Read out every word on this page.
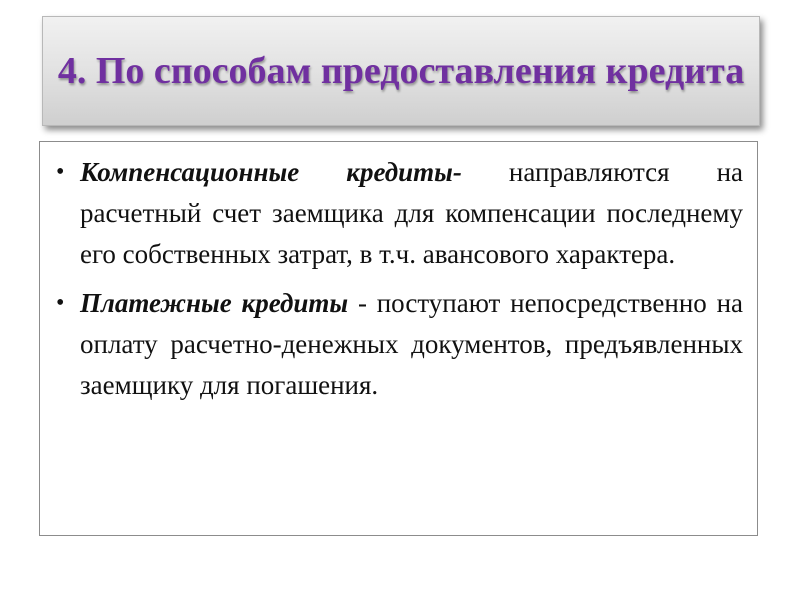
4. По способам предоставления кредита
• Компенсационные кредиты- направляются на расчетный счет заемщика для компенсации последнему его собственных затрат, в т.ч. авансового характера.
• Платежные кредиты - поступают непосредственно на оплату расчетно-денежных документов, предъявленных заемщику для погашения.
